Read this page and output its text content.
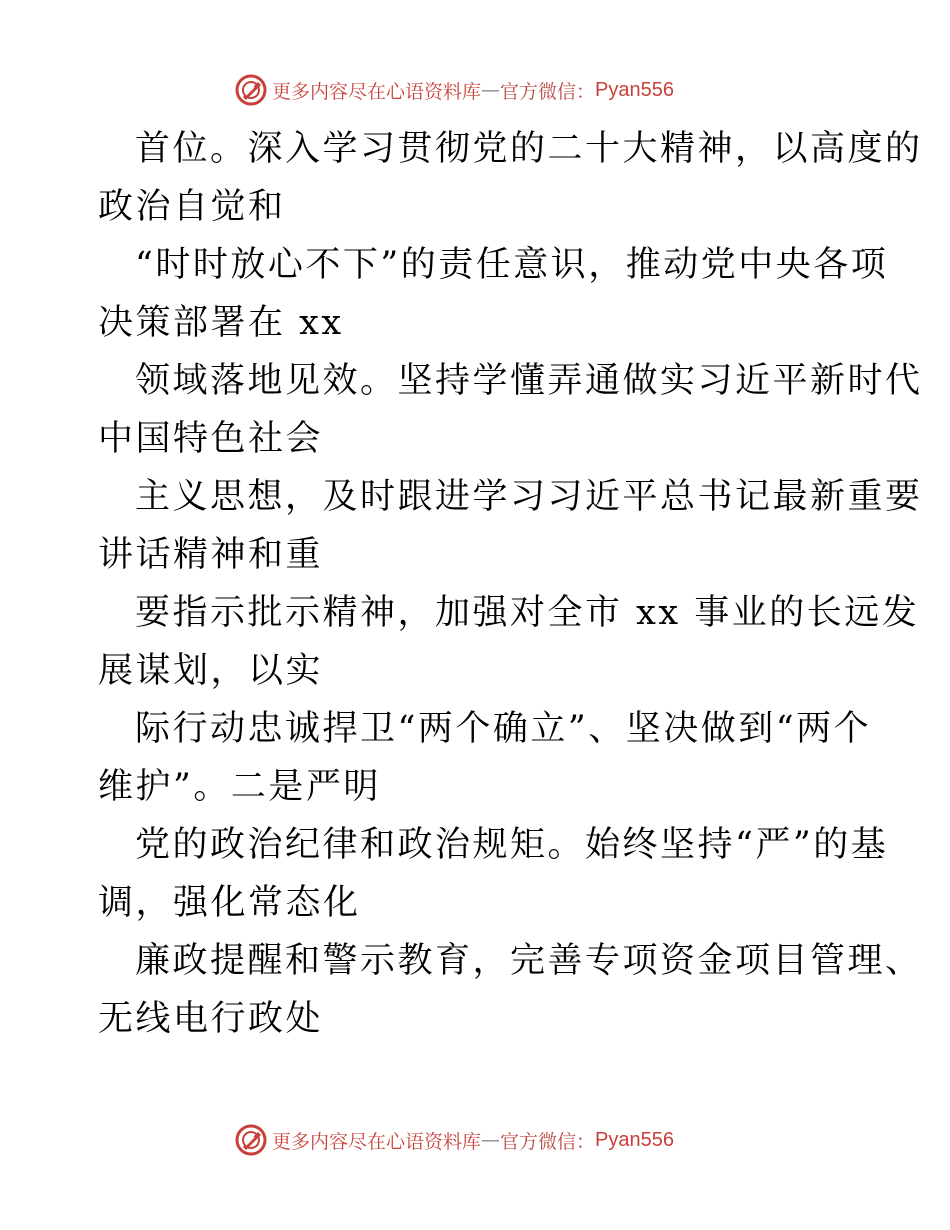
更多内容尽在心语资料库 — 官方微信： Pyan556

首位。深入学习贯彻党的二十大精神，以高度的
政治自觉和

“时时放心不下”的责任意识，推动党中央各项
决策部署在 xx

领域落地见效。坚持学懂弄通做实习近平新时代
中国特色社会

主义思想，及时跟进学习习近平总书记最新重要
讲话精神和重

要指示批示精神，加强对全市 xx 事业的长远发
展谋划，以实

际行动忠诚捍卫“两个确立”、坚决做到“两个
维护”。二是严明

党的政治纪律和政治规矩。始终坚持“严”的基
调，强化常态化

廉政提醒和警示教育，完善专项资金项目管理、
无线电行政处

更多内容尽在心语资料库 — 官方微信： Pyan556
